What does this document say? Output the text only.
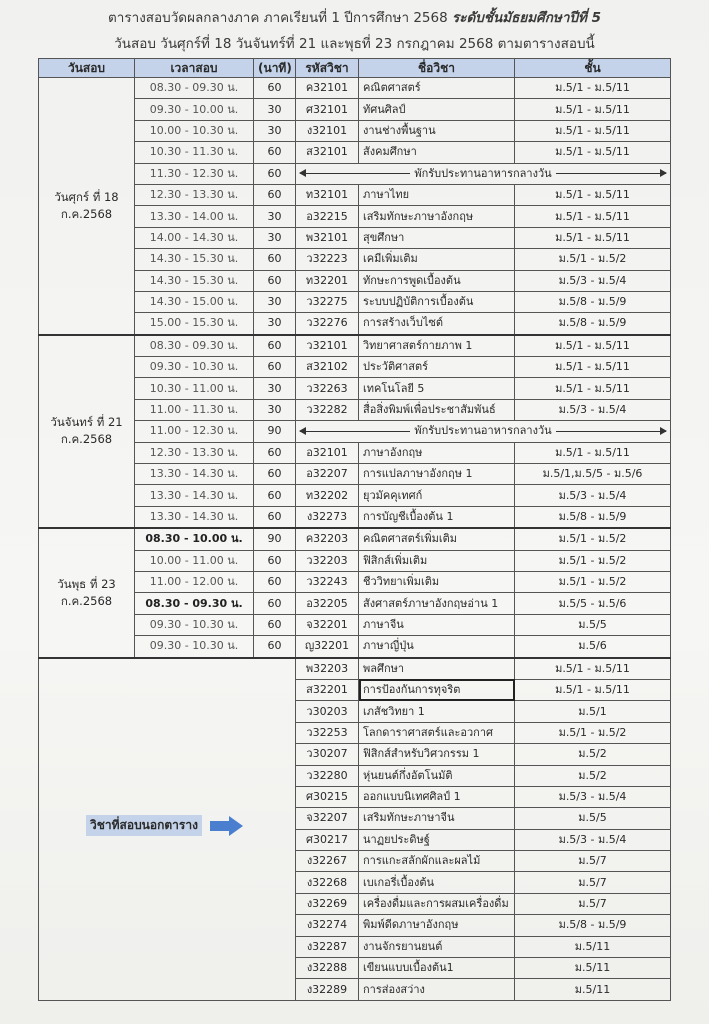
ตารางสอบวัดผลกลางภาค ภาคเรียนที่ 1 ปีการศึกษา 2568 ระดับชั้นมัธยมศึกษาปีที่ 5
วันสอบ วันศุกร์ที่ 18 วันจันทร์ที่ 21 และพุธที่ 23 กรกฎาคม 2568 ตามตารางสอบนี้
วันสอบ	เวลาสอบ	(นาที)	รหัสวิชา	ชื่อวิชา	ชั้น
วันศุกร์ ที่ 18 ก.ค.2568	08.30 - 09.30 น.	60	ค32101	คณิตศาสตร์	ม.5/1 - ม.5/11
	09.30 - 10.00 น.	30	ศ32101	ทัศนศิลป์	ม.5/1 - ม.5/11
	10.00 - 10.30 น.	30	ง32101	งานช่างพื้นฐาน	ม.5/1 - ม.5/11
	10.30 - 11.30 น.	60	ส32101	สังคมศึกษา	ม.5/1 - ม.5/11
	11.30 - 12.30 น.	60	พักรับประทานอาหารกลางวัน		

	12.30 - 13.30 น.	60	ท32101	ภาษาไทย	ม.5/1 - ม.5/11
	13.30 - 14.00 น.	30	อ32215	เสริมทักษะภาษาอังกฤษ	ม.5/1 - ม.5/11
	14.00 - 14.30 น.	30	พ32101	สุขศึกษา	ม.5/1 - ม.5/11
	14.30 - 15.30 น.	60	ว32223	เคมีเพิ่มเติม	ม.5/1 - ม.5/2
	14.30 - 15.30 น.	60	ท32201	ทักษะการพูดเบื้องต้น	ม.5/3 - ม.5/4
	14.30 - 15.00 น.	30	ว32275	ระบบปฏิบัติการเบื้องต้น	ม.5/8 - ม.5/9
	15.00 - 15.30 น.	30	ว32276	การสร้างเว็บไซต์	ม.5/8 - ม.5/9
วันจันทร์ ที่ 21 ก.ค.2568	08.30 - 09.30 น.	60	ว32101	วิทยาศาสตร์กายภาพ 1	ม.5/1 - ม.5/11
	09.30 - 10.30 น.	60	ส32102	ประวัติศาสตร์	ม.5/1 - ม.5/11
	10.30 - 11.00 น.	30	ว32263	เทคโนโลยี 5	ม.5/1 - ม.5/11
	11.00 - 11.30 น.	30	ว32282	สื่อสิ่งพิมพ์เพื่อประชาสัมพันธ์	ม.5/3 - ม.5/4
	11.00 - 12.30 น.	90	พักรับประทานอาหารกลางวัน		

	12.30 - 13.30 น.	60	อ32101	ภาษาอังกฤษ	ม.5/1 - ม.5/11
	13.30 - 14.30 น.	60	อ32207	การแปลภาษาอังกฤษ 1	ม.5/1,ม.5/5 - ม.5/6
	13.30 - 14.30 น.	60	ท32202	ยุวมัคคุเทศก์	ม.5/3 - ม.5/4
	13.30 - 14.30 น.	60	ง32273	การบัญชีเบื้องต้น 1	ม.5/8 - ม.5/9
วันพุธ ที่ 23 ก.ค.2568	08.30 - 10.00 น.	90	ค32203	คณิตศาสตร์เพิ่มเติม	ม.5/1 - ม.5/2
	10.00 - 11.00 น.	60	ว32203	ฟิสิกส์เพิ่มเติม	ม.5/1 - ม.5/2
	11.00 - 12.00 น.	60	ว32243	ชีววิทยาเพิ่มเติม	ม.5/1 - ม.5/2
	08.30 - 09.30 น.	60	อ32205	สังศาสตร์ภาษาอังกฤษอ่าน 1	ม.5/5 - ม.5/6
	09.30 - 10.30 น.	60	จ32201	ภาษาจีน	ม.5/5
	09.30 - 10.30 น.	60	ญ32201	ภาษาญี่ปุ่น	ม.5/6
			พ32203	พลศึกษา	ม.5/1 - ม.5/11
			ส32201	การป้องกันการทุจริต	ม.5/1 - ม.5/11
			ว30203	เภสัชวิทยา 1	ม.5/1
			ว32253	โลกดาราศาสตร์และอวกาศ	ม.5/1 - ม.5/2
			ว30207	ฟิสิกส์สำหรับวิศวกรรม 1	ม.5/2
			ว32280	หุ่นยนต์กึ่งอัตโนมัติ	ม.5/2
			ศ30215	ออกแบบนิเทศศิลป์ 1	ม.5/3 - ม.5/4
			จ32207	เสริมทักษะภาษาจีน	ม.5/5
			ศ30217	นาฏยประดิษฐ์	ม.5/3 - ม.5/4
			ง32267	การแกะสลักผักและผลไม้	ม.5/7
			ง32268	เบเกอรี่เบื้องต้น	ม.5/7
			ง32269	เครื่องดื่มและการผสมเครื่องดื่ม	ม.5/7
			ง32274	พิมพ์ดีดภาษาอังกฤษ	ม.5/8 - ม.5/9
			ง32287	งานจักรยานยนต์	ม.5/11
			ง32288	เขียนแบบเบื้องต้น1	ม.5/11
			ง32289	การส่องสว่าง	ม.5/11
วิชาที่สอบนอกตาราง
